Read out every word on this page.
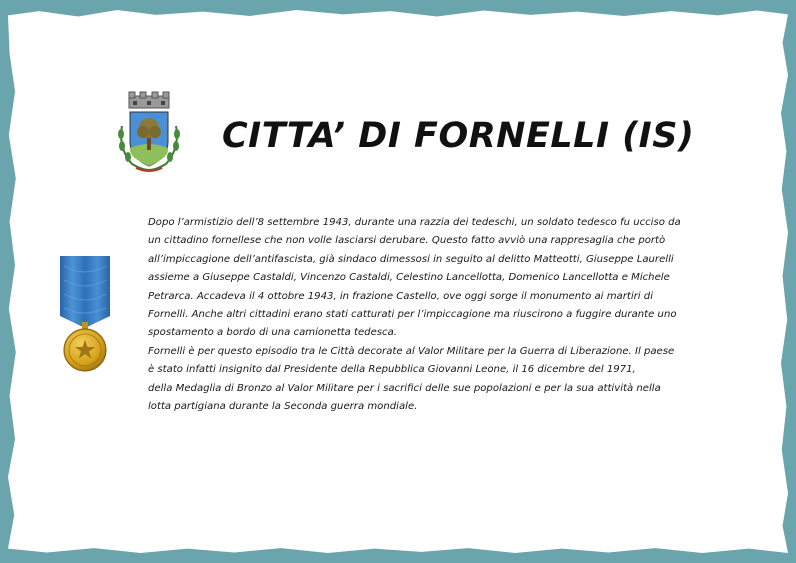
CITTA’ DI FORNELLI (IS)
Dopo l’armistizio dell’8 settembre 1943, durante una razzia dei tedeschi, un soldato tedesco fu ucciso da
un cittadino fornellese che non volle lasciarsi derubare. Questo fatto avviò una rappresaglia che portò
all’impiccagione dell’antifascista, già sindaco dimessosi in seguito al delitto Matteotti, Giuseppe Laurelli
assieme a Giuseppe Castaldi, Vincenzo Castaldi, Celestino Lancellotta, Domenico Lancellotta e Michele
Petrarca. Accadeva il 4 ottobre 1943, in frazione Castello, ove oggi sorge il monumento ai martiri di
Fornelli. Anche altri cittadini erano stati catturati per l’impiccagione ma riuscirono a fuggire durante uno
spostamento a bordo di una camionetta tedesca.
Fornelli è per questo episodio tra le Città decorate al Valor Militare per la Guerra di Liberazione. Il paese
è stato infatti insignito dal Presidente della Repubblica Giovanni Leone, il 16 dicembre del 1971,
della Medaglia di Bronzo al Valor Militare per i sacrifici delle sue popolazioni e per la sua attività nella
lotta partigiana durante la Seconda guerra mondiale.
